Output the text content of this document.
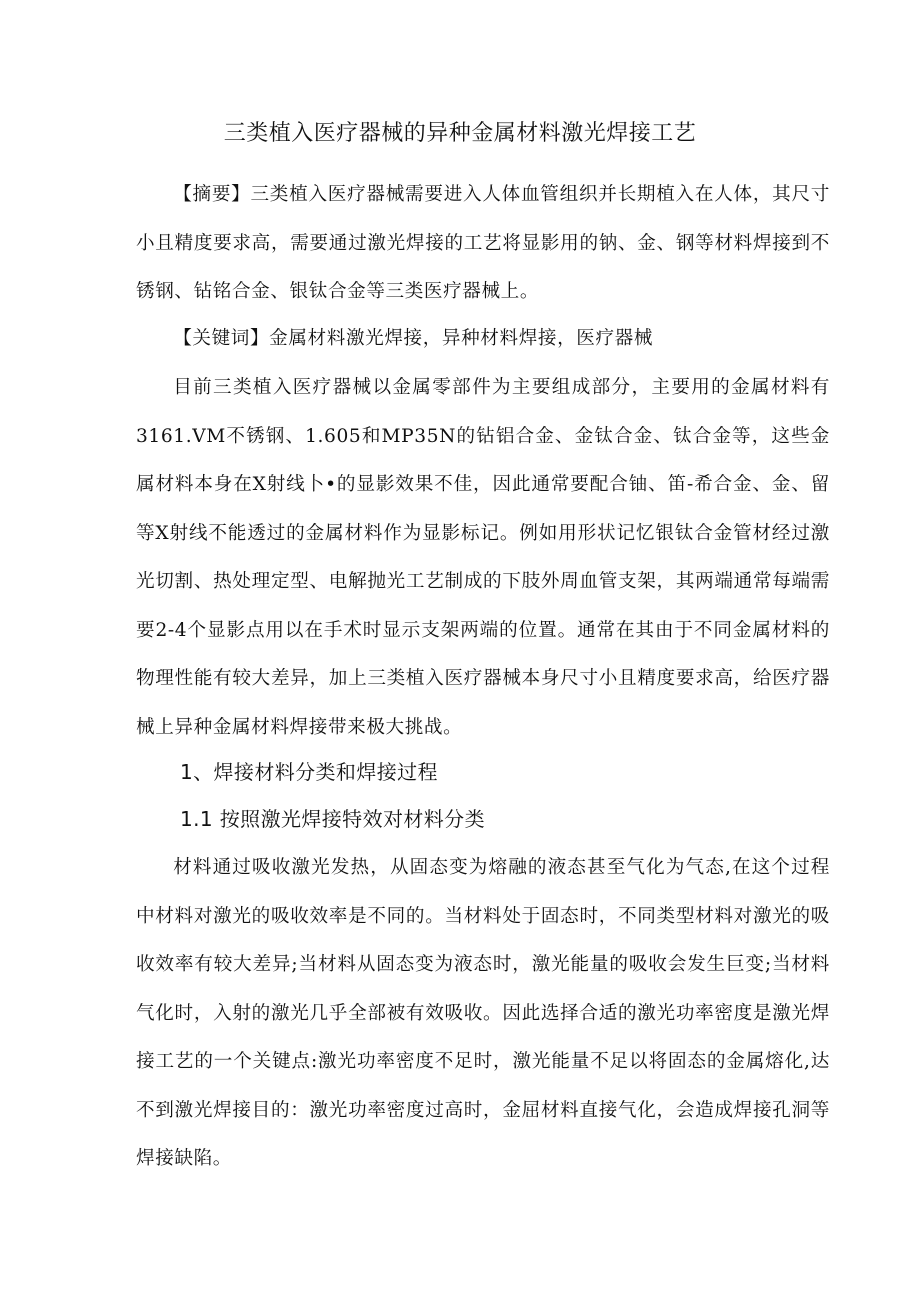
三类植入医疗器械的异种金属材料激光焊接工艺

【摘要】三类植入医疗器械需要进入人体血管组织并长期植入在人体，其尺寸小且精度要求高，需要通过激光焊接的工艺将显影用的钠、金、钢等材料焊接到不锈钢、钻铭合金、银钛合金等三类医疗器械上。

【关键词】金属材料激光焊接，异种材料焊接，医疗器械

目前三类植入医疗器械以金属零部件为主要组成部分，主要用的金属材料有3161.VM不锈钢、1.605和MP35N的钻铝合金、金钛合金、钛合金等，这些金属材料本身在X射线卜•的显影效果不佳，因此通常要配合铀、笛-希合金、金、留等X射线不能透过的金属材料作为显影标记。例如用形状记忆银钛合金管材经过激光切割、热处理定型、电解抛光工艺制成的下肢外周血管支架，其两端通常每端需要2-4个显影点用以在手术时显示支架两端的位置。通常在其由于不同金属材料的物理性能有较大差异，加上三类植入医疗器械本身尺寸小且精度要求高，给医疗器械上异种金属材料焊接带来极大挑战。

1、焊接材料分类和焊接过程
1.1 按照激光焊接特效对材料分类

材料通过吸收激光发热，从固态变为熔融的液态甚至气化为气态,在这个过程中材料对激光的吸收效率是不同的。当材料处于固态时，不同类型材料对激光的吸收效率有较大差异;当材料从固态变为液态时，激光能量的吸收会发生巨变;当材料气化时，入射的激光几乎全部被有效吸收。因此选择合适的激光功率密度是激光焊接工艺的一个关键点:激光功率密度不足时，激光能量不足以将固态的金属熔化,达不到激光焊接目的：激光功率密度过高时，金屈材料直接气化，会造成焊接孔洞等焊接缺陷。
